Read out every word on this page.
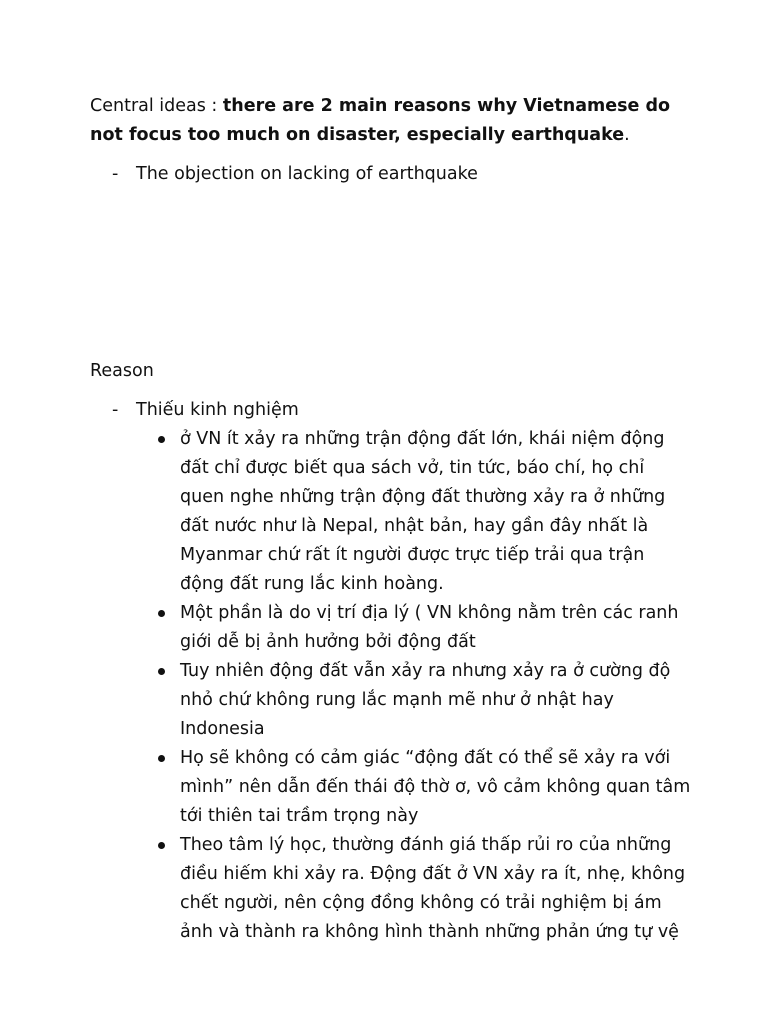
Central ideas : there are 2 main reasons why Vietnamese do not focus too much on disaster, especially earthquake.

- The objection on lacking of earthquake

Reason

- Thiếu kinh nghiệm

ở VN ít xảy ra những trận động đất lớn, khái niệm động đất chỉ được biết qua sách vở, tin tức, báo chí, họ chỉ quen nghe những trận động đất thường xảy ra ở những đất nước như là Nepal, nhật bản, hay gần đây nhất là Myanmar chứ rất ít người được trực tiếp trải qua trận động đất rung lắc kinh hoàng.
Một phần là do vị trí địa lý ( VN không nằm trên các ranh giới dễ bị ảnh hưởng bởi động đất
Tuy nhiên động đất vẫn xảy ra nhưng xảy ra ở cường độ nhỏ chứ không rung lắc mạnh mẽ như ở nhật hay Indonesia
Họ sẽ không có cảm giác “động đất có thể sẽ xảy ra với mình” nên dẫn đến thái độ thờ ơ, vô cảm không quan tâm tới thiên tai trầm trọng này
Theo tâm lý học, thường đánh giá thấp rủi ro của những điều hiếm khi xảy ra. Động đất ở VN xảy ra ít, nhẹ, không chết người, nên cộng đồng không có trải nghiệm bị ám ảnh và thành ra không hình thành những phản ứng tự vệ
